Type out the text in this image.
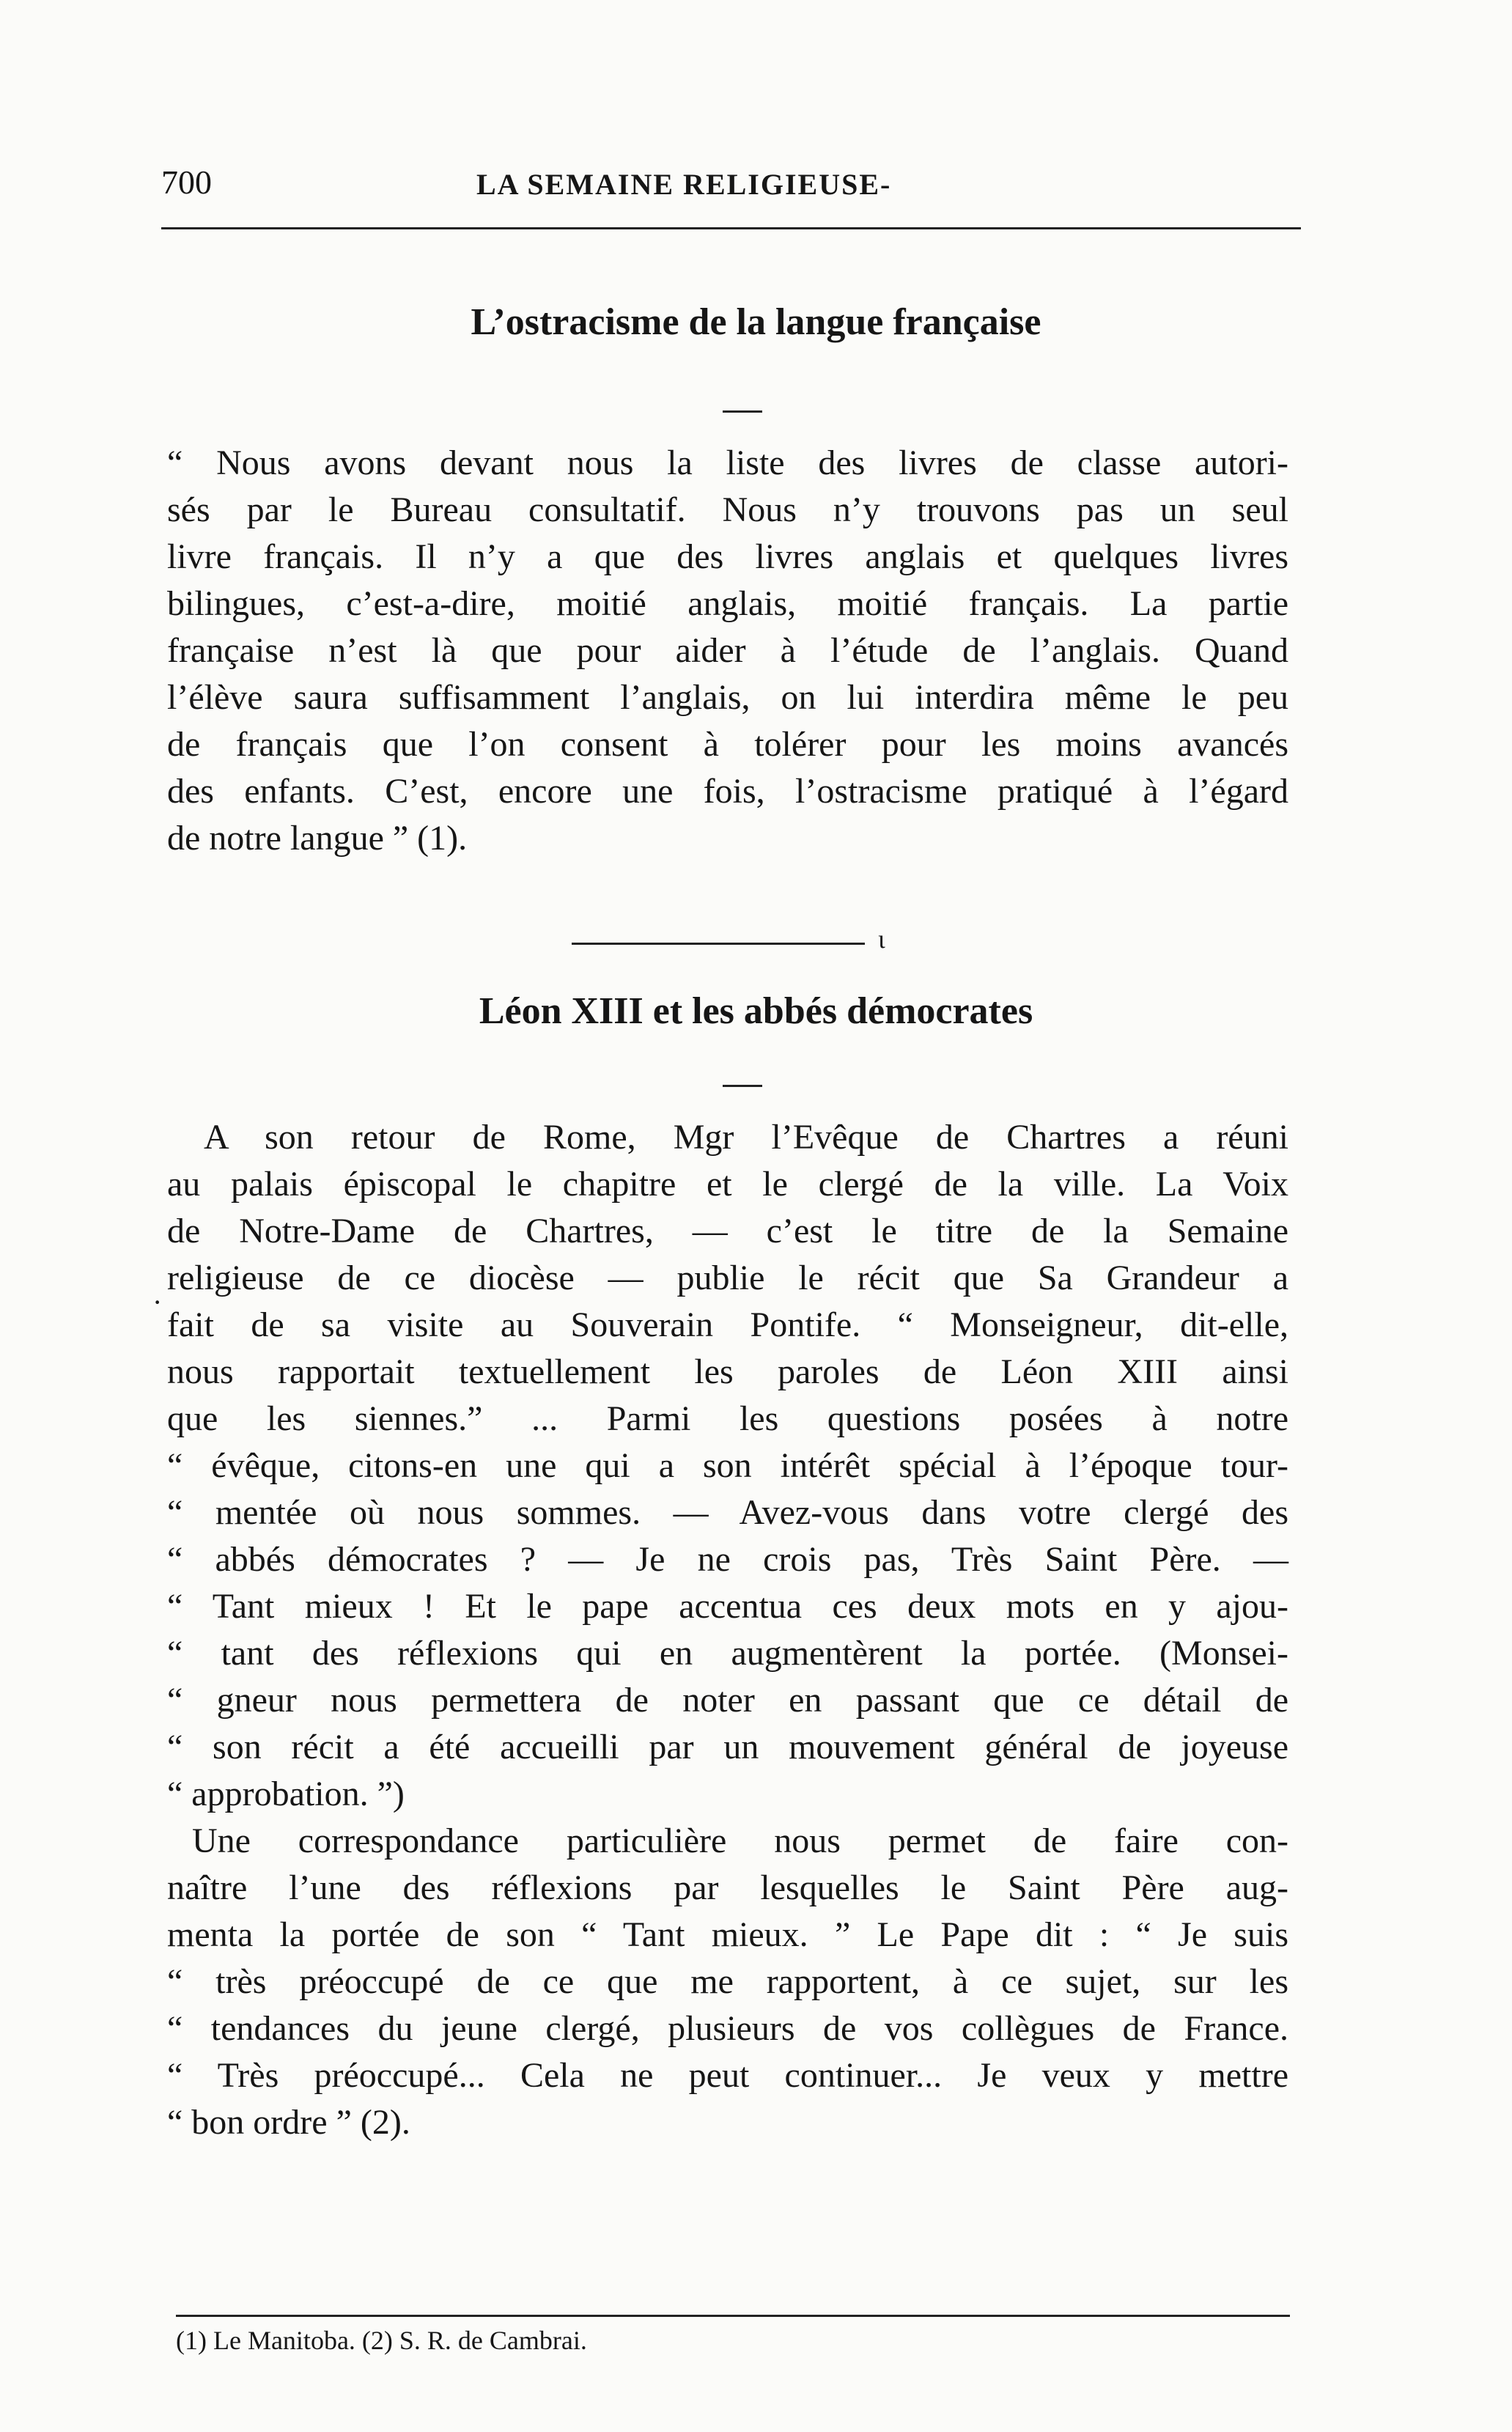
700	LA SEMAINE RELIGIEUSE-
L’ostracisme de la langue française
“ Nous avons devant nous la liste des livres de classe autori-
sés par le Bureau consultatif. Nous n’y trouvons pas un seul
livre français. Il n’y a que des livres anglais et quelques livres
bilingues, c’est-a-dire, moitié anglais, moitié français. La partie
française n’est là que pour aider à l’étude de l’anglais. Quand
l’élève saura suffisamment l’anglais, on lui interdira même le peu
de français que l’on consent à tolérer pour les moins avancés
des enfants. C’est, encore une fois, l’ostracisme pratiqué à l’égard
de notre langue ” (1).
ι
Léon XIII et les abbés démocrates
·
A son retour de Rome, Mgr l’Evêque de Chartres a réuni
au palais épiscopal le chapitre et le clergé de la ville. La Voix
de Notre-Dame de Chartres, — c’est le titre de la Semaine
religieuse de ce diocèse — publie le récit que Sa Grandeur a
fait de sa visite au Souverain Pontife. “ Monseigneur, dit-elle,
nous rapportait textuellement les paroles de Léon XIII ainsi
que les siennes.” ... Parmi les questions posées à notre
“ évêque, citons-en une qui a son intérêt spécial à l’époque tour-
“ mentée où nous sommes. — Avez-vous dans votre clergé des
“ abbés démocrates ? — Je ne crois pas, Très Saint Père. —
“ Tant mieux ! Et le pape accentua ces deux mots en y ajou-
“ tant des réflexions qui en augmentèrent la portée. (Monsei-
“ gneur nous permettera de noter en passant que ce détail de
“ son récit a été accueilli par un mouvement général de joyeuse
“ approbation. ”)
Une correspondance particulière nous permet de faire con-
naître l’une des réflexions par lesquelles le Saint Père aug-
menta la portée de son “ Tant mieux. ” Le Pape dit : “ Je suis
“ très préoccupé de ce que me rapportent, à ce sujet, sur les
“ tendances du jeune clergé, plusieurs de vos collègues de France.
“ Très préoccupé... Cela ne peut continuer... Je veux y mettre
“ bon ordre ” (2).
(1) Le Manitoba. (2) S. R. de Cambrai.
